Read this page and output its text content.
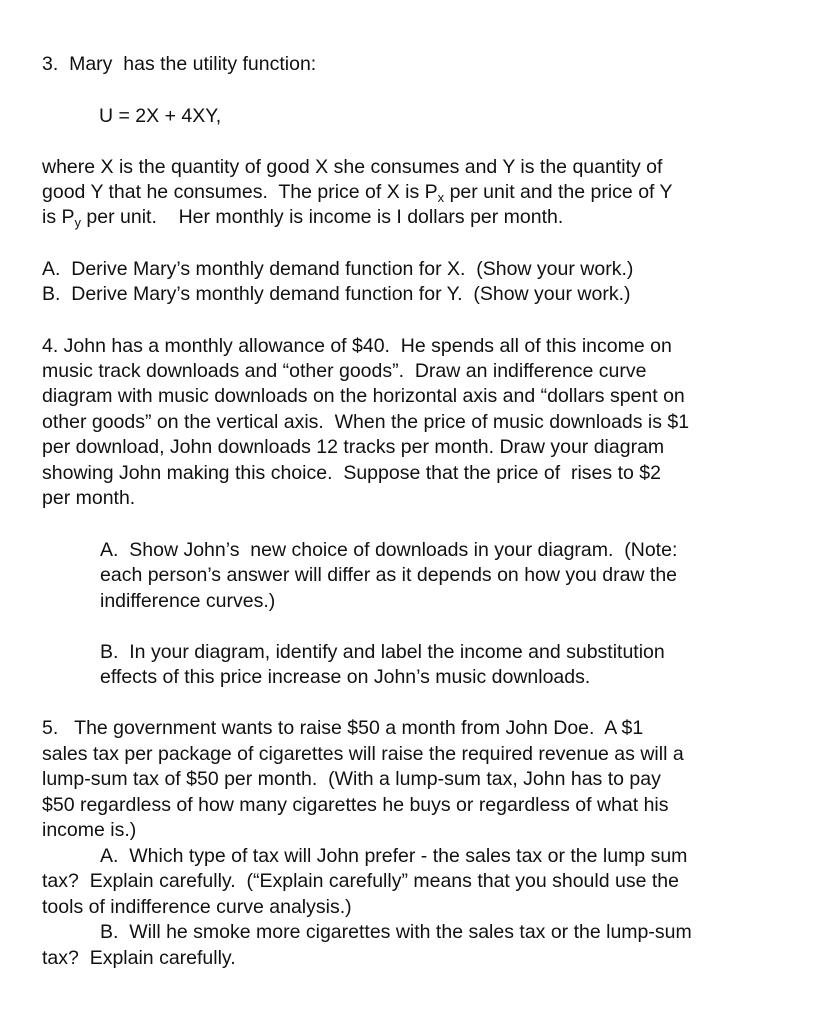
3.  Mary  has the utility function:
U = 2X + 4XY,
where X is the quantity of good X she consumes and Y is the quantity of
good Y that he consumes.  The price of X is $P_x$ per unit and the price of Y
is $P_y$ per unit.    Her monthly is income is I dollars per month.
A.  Derive Mary’s monthly demand function for X.  (Show your work.)
B.  Derive Mary’s monthly demand function for Y.  (Show your work.)
4. John has a monthly allowance of $40.  He spends all of this income on
music track downloads and “other goods”.  Draw an indifference curve
diagram with music downloads on the horizontal axis and “dollars spent on
other goods” on the vertical axis.  When the price of music downloads is $1
per download, John downloads 12 tracks per month. Draw your diagram
showing John making this choice.  Suppose that the price of  rises to $2
per month.
A.  Show John’s  new choice of downloads in your diagram.  (Note:
each person’s answer will differ as it depends on how you draw the
indifference curves.)
B.  In your diagram, identify and label the income and substitution
effects of this price increase on John’s music downloads.
5.   The government wants to raise $50 a month from John Doe.  A $1
sales tax per package of cigarettes will raise the required revenue as will a
lump-sum tax of $50 per month.  (With a lump-sum tax, John has to pay
$50 regardless of how many cigarettes he buys or regardless of what his
income is.)
A.  Which type of tax will John prefer - the sales tax or the lump sum
tax?  Explain carefully.  (“Explain carefully” means that you should use the
tools of indifference curve analysis.)
B.  Will he smoke more cigarettes with the sales tax or the lump-sum
tax?  Explain carefully.
